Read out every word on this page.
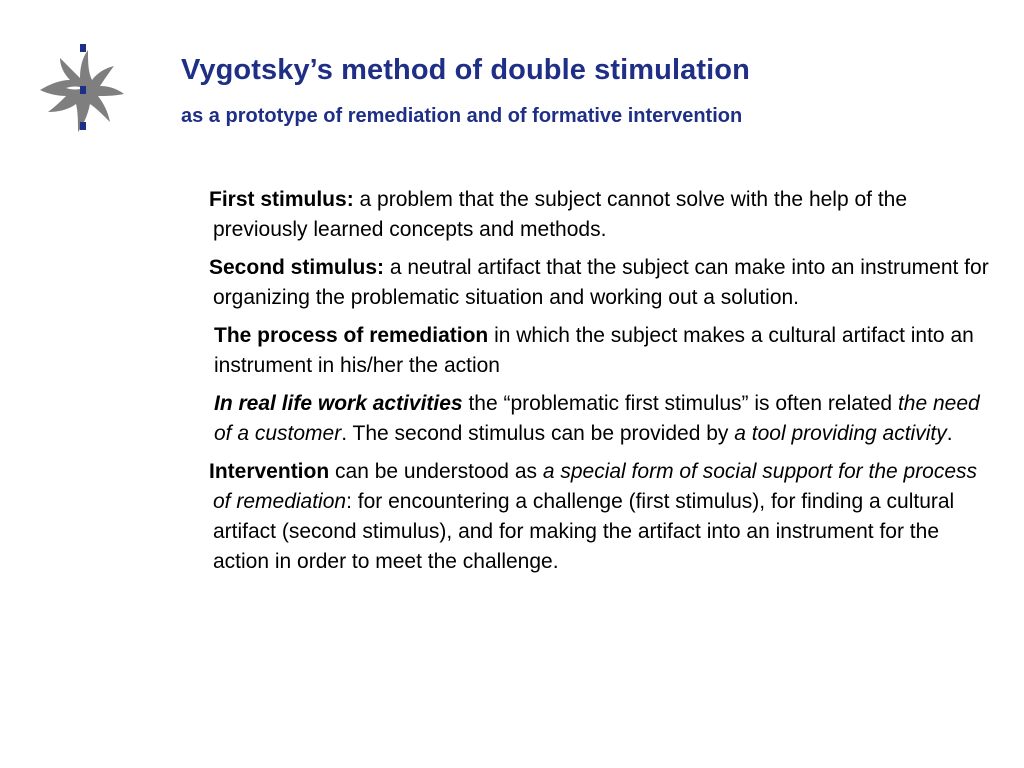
Vygotsky’s method of double stimulation
as a prototype of remediation and of formative intervention

First stimulus: a problem that the subject cannot solve with the help of the previously learned concepts and methods.

Second stimulus: a neutral artifact that the subject can make into an instrument for organizing the problematic situation and working out a solution.

The process of remediation in which the subject makes a cultural artifact into an instrument in his/her the action

In real life work activities the “problematic first stimulus” is often related the need of a customer. The second stimulus can be provided by a tool providing activity.

Intervention can be understood as a special form of social support for the process of remediation: for encountering a challenge (first stimulus), for finding a cultural artifact (second stimulus), and for making the artifact into an instrument for the action in order to meet the challenge.
